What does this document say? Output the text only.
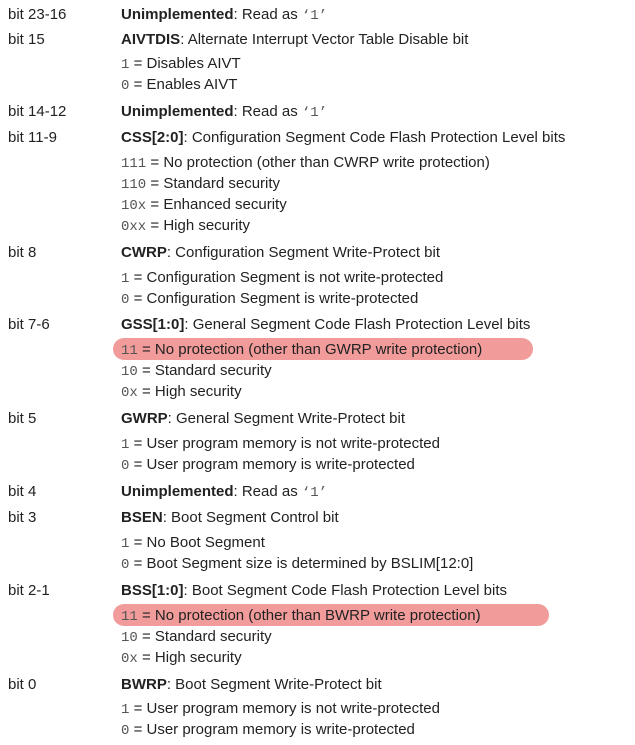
bit 23-16	Unimplemented: Read as ‘1’
bit 15	AIVTDIS: Alternate Interrupt Vector Table Disable bit
1 = Disables AIVT
0 = Enables AIVT
bit 14-12	Unimplemented: Read as ‘1’
bit 11-9	CSS[2:0]: Configuration Segment Code Flash Protection Level bits
111 = No protection (other than CWRP write protection)
110 = Standard security
10x = Enhanced security
0xx = High security
bit 8	CWRP: Configuration Segment Write-Protect bit
1 = Configuration Segment is not write-protected
0 = Configuration Segment is write-protected
bit 7-6	GSS[1:0]: General Segment Code Flash Protection Level bits
11 = No protection (other than GWRP write protection)
10 = Standard security
0x = High security
bit 5	GWRP: General Segment Write-Protect bit
1 = User program memory is not write-protected
0 = User program memory is write-protected
bit 4	Unimplemented: Read as ‘1’
bit 3	BSEN: Boot Segment Control bit
1 = No Boot Segment
0 = Boot Segment size is determined by BSLIM[12:0]
bit 2-1	BSS[1:0]: Boot Segment Code Flash Protection Level bits
11 = No protection (other than BWRP write protection)
10 = Standard security
0x = High security
bit 0	BWRP: Boot Segment Write-Protect bit
1 = User program memory is not write-protected
0 = User program memory is write-protected
